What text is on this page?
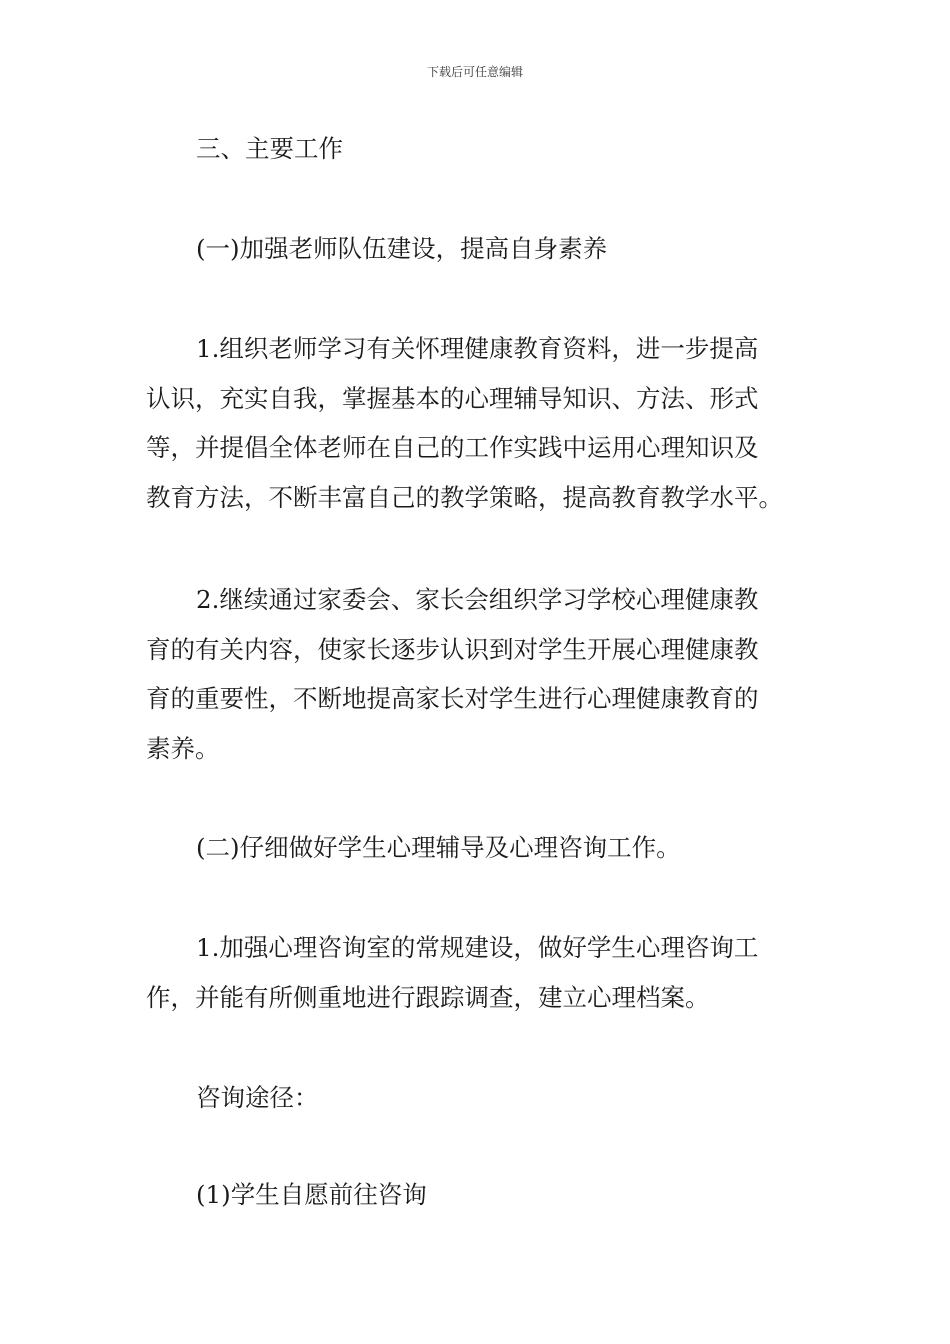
下载后可任意编辑

三、主要工作

(一)加强老师队伍建设，提高自身素养

1.组织老师学习有关怀理健康教育资料，进一步提高
认识，充实自我，掌握基本的心理辅导知识、方法、形式
等，并提倡全体老师在自己的工作实践中运用心理知识及
教育方法，不断丰富自己的教学策略，提高教育教学水平。

2.继续通过家委会、家长会组织学习学校心理健康教
育的有关内容，使家长逐步认识到对学生开展心理健康教
育的重要性，不断地提高家长对学生进行心理健康教育的
素养。

(二)仔细做好学生心理辅导及心理咨询工作。

1.加强心理咨询室的常规建设，做好学生心理咨询工
作，并能有所侧重地进行跟踪调查，建立心理档案。

咨询途径：

(1)学生自愿前往咨询
